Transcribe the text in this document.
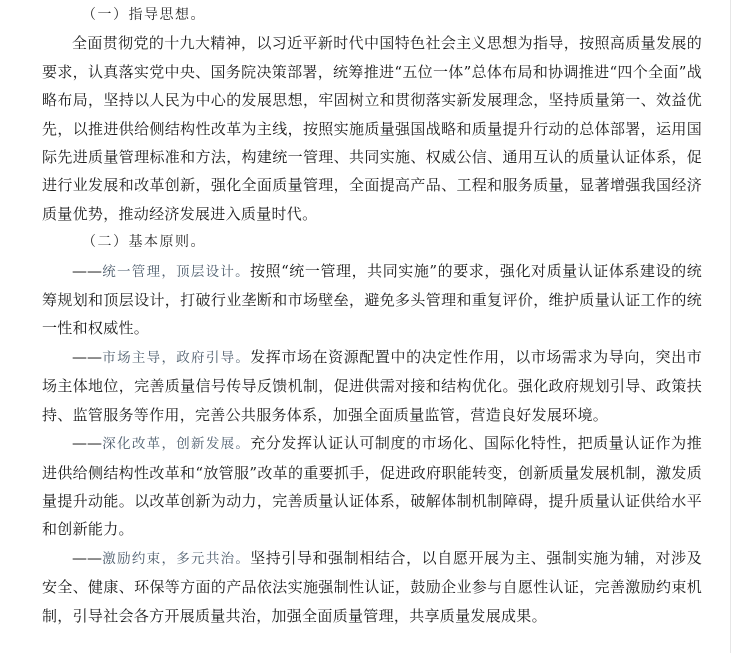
（一）指导思想。

全面贯彻党的十九大精神，以习近平新时代中国特色社会主义思想为指导，按照高质量发展的要求，认真落实党中央、国务院决策部署，统筹推进“五位一体”总体布局和协调推进“四个全面”战略布局，坚持以人民为中心的发展思想，牢固树立和贯彻落实新发展理念，坚持质量第一、效益优先，以推进供给侧结构性改革为主线，按照实施质量强国战略和质量提升行动的总体部署，运用国际先进质量管理标准和方法，构建统一管理、共同实施、权威公信、通用互认的质量认证体系，促进行业发展和改革创新，强化全面质量管理，全面提高产品、工程和服务质量，显著增强我国经济质量优势，推动经济发展进入质量时代。

（二）基本原则。

——统一管理，顶层设计。按照“统一管理，共同实施”的要求，强化对质量认证体系建设的统筹规划和顶层设计，打破行业垄断和市场壁垒，避免多头管理和重复评价，维护质量认证工作的统一性和权威性。

——市场主导，政府引导。发挥市场在资源配置中的决定性作用，以市场需求为导向，突出市场主体地位，完善质量信号传导反馈机制，促进供需对接和结构优化。强化政府规划引导、政策扶持、监管服务等作用，完善公共服务体系，加强全面质量监管，营造良好发展环境。

——深化改革，创新发展。充分发挥认证认可制度的市场化、国际化特性，把质量认证作为推进供给侧结构性改革和“放管服”改革的重要抓手，促进政府职能转变，创新质量发展机制，激发质量提升动能。以改革创新为动力，完善质量认证体系，破解体制机制障碍，提升质量认证供给水平和创新能力。

——激励约束，多元共治。坚持引导和强制相结合，以自愿开展为主、强制实施为辅，对涉及安全、健康、环保等方面的产品依法实施强制性认证，鼓励企业参与自愿性认证，完善激励约束机制，引导社会各方开展质量共治，加强全面质量管理，共享质量发展成果。
